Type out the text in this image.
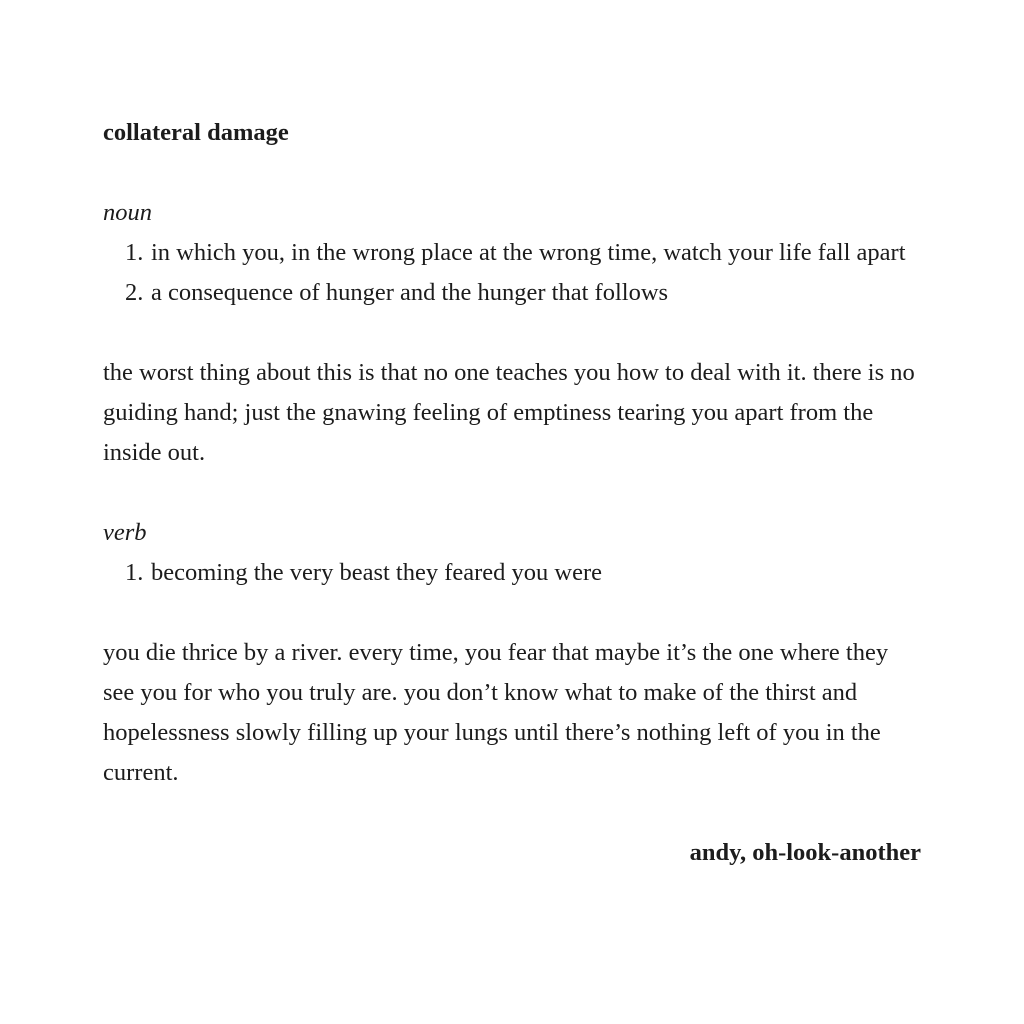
collateral damage

noun

1. in which you, in the wrong place at the wrong time, watch your life fall apart
2. a consequence of hunger and the hunger that follows

the worst thing about this is that no one teaches you how to deal with it. there is no guiding hand; just the gnawing feeling of emptiness tearing you apart from the inside out.

verb

1. becoming the very beast they feared you were

you die thrice by a river. every time, you fear that maybe it’s the one where they see you for who you truly are. you don’t know what to make of the thirst and hopelessness slowly filling up your lungs until there’s nothing left of you in the current.

andy, oh-look-another
